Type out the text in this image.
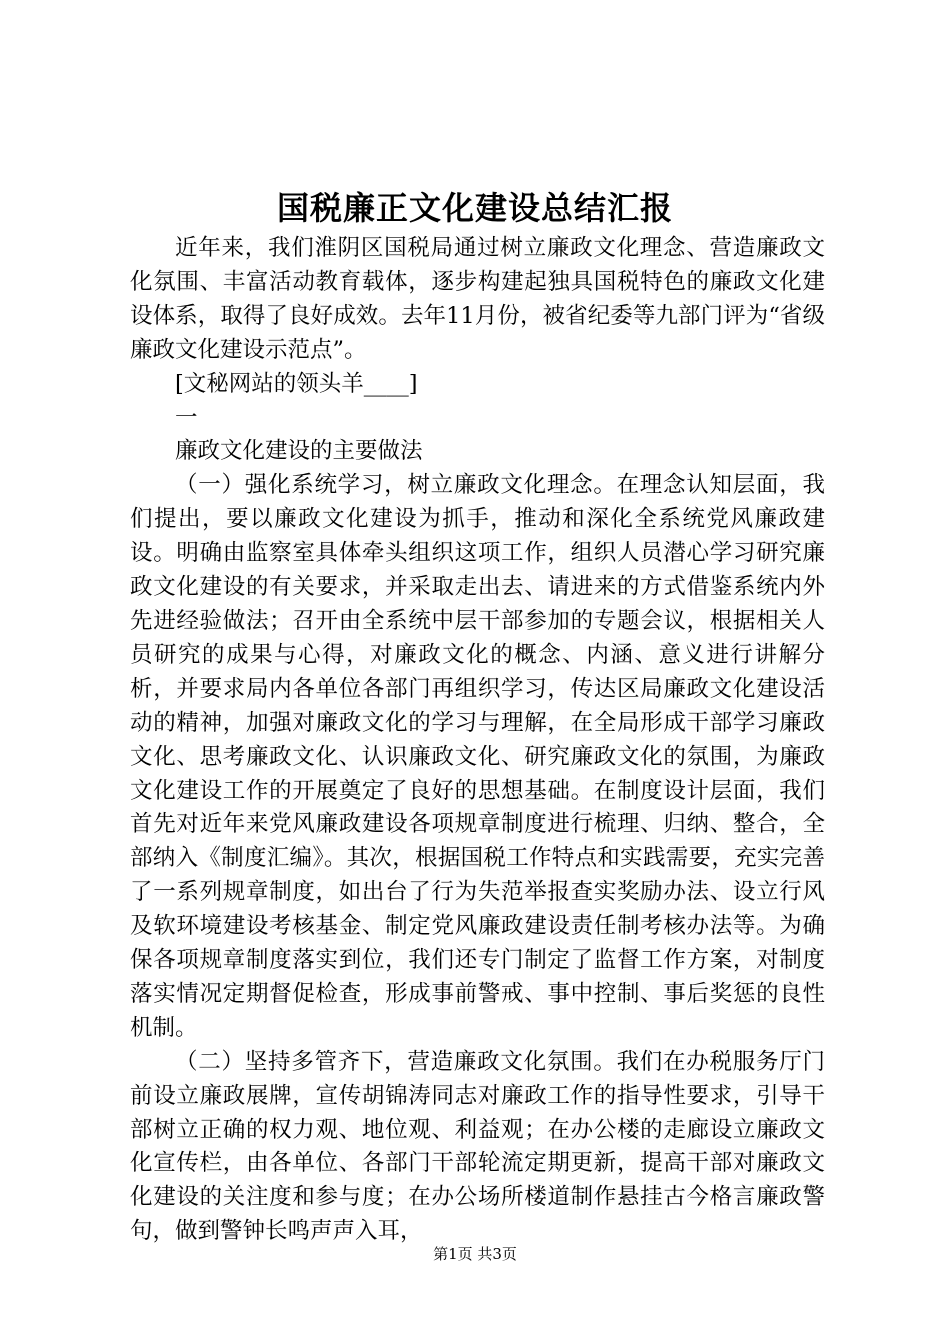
国税廉正文化建设总结汇报

近年来，我们淮阴区国税局通过树立廉政文化理念、营造廉政文化氛围、丰富活动教育载体，逐步构建起独具国税特色的廉政文化建设体系，取得了良好成效。去年11月份，被省纪委等九部门评为“省级廉政文化建设示范点”。

[文秘网站的领头羊____]

一

廉政文化建设的主要做法

（一）强化系统学习，树立廉政文化理念。在理念认知层面，我们提出，要以廉政文化建设为抓手，推动和深化全系统党风廉政建设。明确由监察室具体牵头组织这项工作，组织人员潜心学习研究廉政文化建设的有关要求，并采取走出去、请进来的方式借鉴系统内外先进经验做法；召开由全系统中层干部参加的专题会议，根据相关人员研究的成果与心得，对廉政文化的概念、内涵、意义进行讲解分析，并要求局内各单位各部门再组织学习，传达区局廉政文化建设活动的精神，加强对廉政文化的学习与理解，在全局形成干部学习廉政文化、思考廉政文化、认识廉政文化、研究廉政文化的氛围，为廉政文化建设工作的开展奠定了良好的思想基础。在制度设计层面，我们首先对近年来党风廉政建设各项规章制度进行梳理、归纳、整合，全部纳入《制度汇编》。其次，根据国税工作特点和实践需要，充实完善了一系列规章制度，如出台了行为失范举报查实奖励办法、设立行风及软环境建设考核基金、制定党风廉政建设责任制考核办法等。为确保各项规章制度落实到位，我们还专门制定了监督工作方案，对制度落实情况定期督促检查，形成事前警戒、事中控制、事后奖惩的良性机制。

（二）坚持多管齐下，营造廉政文化氛围。我们在办税服务厅门前设立廉政展牌，宣传胡锦涛同志对廉政工作的指导性要求，引导干部树立正确的权力观、地位观、利益观；在办公楼的走廊设立廉政文化宣传栏，由各单位、各部门干部轮流定期更新，提高干部对廉政文化建设的关注度和参与度；在办公场所楼道制作悬挂古今格言廉政警句，做到警钟长鸣声声入耳，

第1页 共3页
